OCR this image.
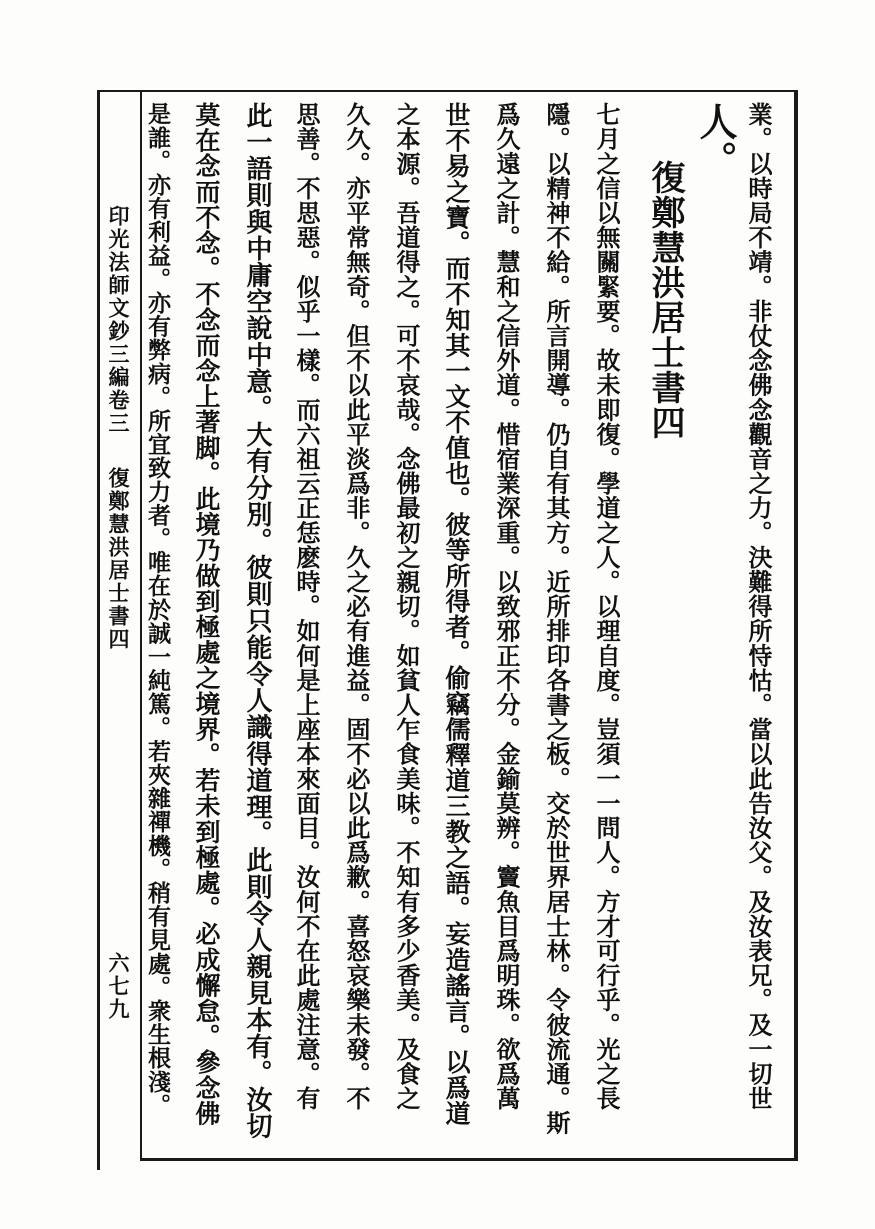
印光法師文鈔三編卷三
復鄭慧洪居士書四
六七九	業。以時局不靖。非仗念佛念觀音之力。決難得所恃怙。當以此告汝父。及汝表兄。及一切世
人。
復鄭慧洪居士書四
七月之信以無關緊要。故未即復。學道之人。以理自度。豈須一一問人。方才可行乎。光之長
隱。以精神不給。所言開導。仍自有其方。近所排印各書之板。交於世界居士林。令彼流通。斯
爲久遠之計。慧和之信外道。惜宿業深重。以致邪正不分。金鍮莫辨。竇魚目爲明珠。欲爲萬
世不易之寶。而不知其一文不值也。彼等所得者。偷竊儒釋道三教之語。妄造謠言。以爲道
之本源。吾道得之。可不哀哉。念佛最初之親切。如貧人乍食美味。不知有多少香美。及食之
久久。亦平常無奇。但不以此平淡爲非。久之必有進益。固不必以此爲歉。喜怒哀樂未發。不
思善。不思惡。似乎一樣。而六祖云正恁麽時。如何是上座本來面目。汝何不在此處注意。有
此一語則與中庸空說中意。大有分別。彼則只能令人識得道理。此則令人親見本有。汝切
莫在念而不念。不念而念上著脚。此境乃做到極處之境界。若未到極處。必成懈怠。參念佛
是誰。亦有利益。亦有弊病。所宜致力者。唯在於誠一純篤。若夾雜禪機。稍有見處。衆生根淺。
